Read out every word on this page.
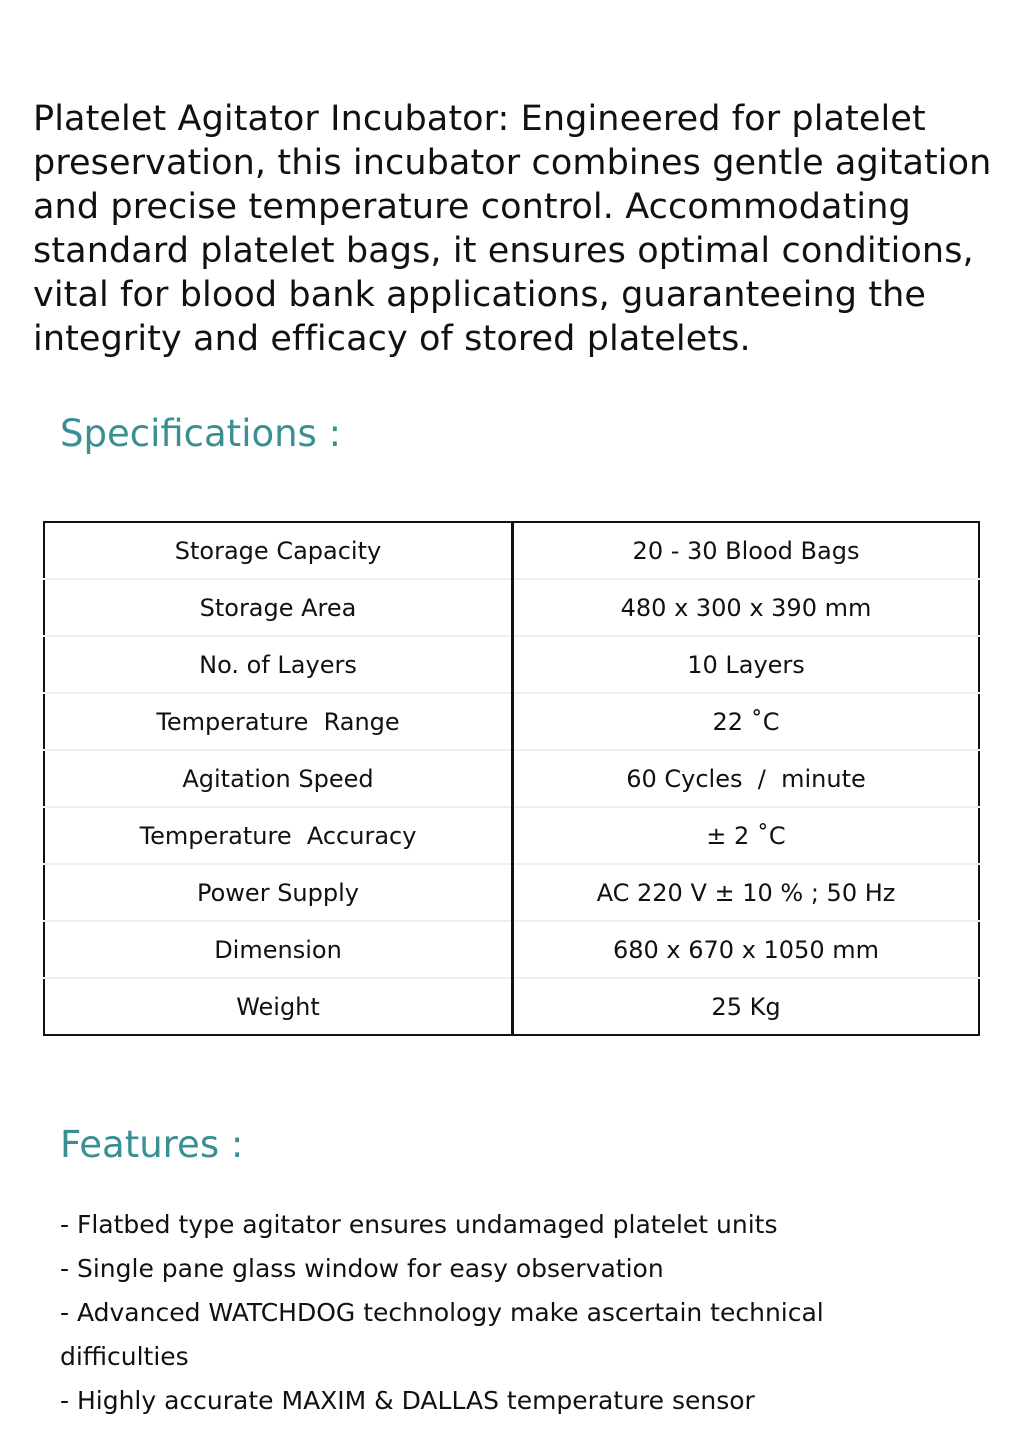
Platelet Agitator Incubator: Engineered for platelet preservation, this incubator combines gentle agitation and precise temperature control. Accommodating standard platelet bags, it ensures optimal conditions, vital for blood bank applications, guaranteeing the integrity and efficacy of stored platelets.

Specifications :
Storage Capacity	20 - 30 Blood Bags
Storage Area	480 x 300 x 390 mm
No. of Layers	10 Layers
Temperature  Range	22 ˚C
Agitation Speed	60 Cycles  /  minute
Temperature  Accuracy	± 2 ˚C
Power Supply	AC 220 V ± 10 % ; 50 Hz
Dimension	680 x 670 x 1050 mm
Weight	25 Kg
Features :
- Flatbed type agitator ensures undamaged platelet units
- Single pane glass window for easy observation
- Advanced WATCHDOG technology make ascertain technical difficulties
- Highly accurate MAXIM & DALLAS temperature sensor
